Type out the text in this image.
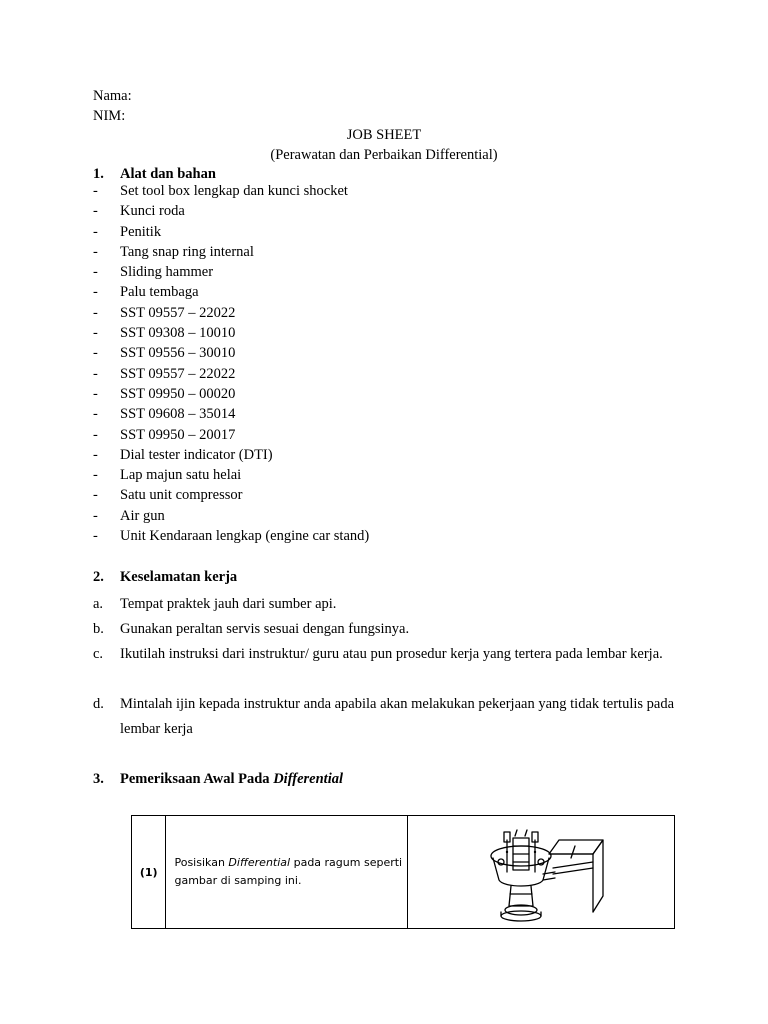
Nama:
NIM:
JOB SHEET
(Perawatan dan Perbaikan Differential)
1. Alat dan bahan
- Set tool box lengkap dan kunci shocket
- Kunci roda
- Penitik
- Tang snap ring internal
- Sliding hammer
- Palu tembaga
- SST 09557 – 22022
- SST 09308 – 10010
- SST 09556 – 30010
- SST 09557 – 22022
- SST 09950 – 00020
- SST 09608 – 35014
- SST 09950 – 20017
- Dial tester indicator (DTI)
- Lap majun satu helai
- Satu unit compressor
- Air gun
- Unit Kendaraan lengkap (engine car stand)
2. Keselamatan kerja
a.	Tempat praktek jauh dari sumber api.
b.	Gunakan peraltan servis sesuai dengan fungsinya.
c.	Ikutilah instruksi dari instruktur/ guru atau pun prosedur kerja yang tertera pada lembar kerja.
d.	Mintalah ijin kepada instruktur anda apabila akan melakukan pekerjaan yang tidak tertulis pada lembar kerja
3. Pemeriksaan Awal Pada Differential
(1)	Posisikan Differential pada ragum seperti gambar di samping ini.	
